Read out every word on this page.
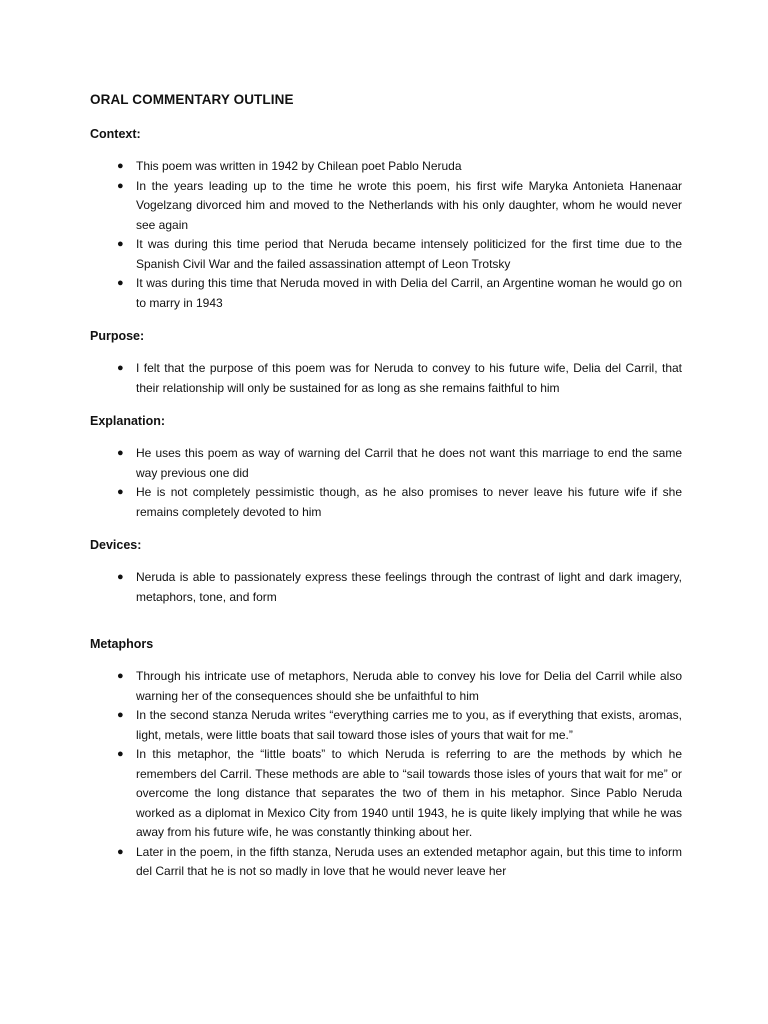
ORAL COMMENTARY OUTLINE
Context:
● This poem was written in 1942 by Chilean poet Pablo Neruda
● In the years leading up to the time he wrote this poem, his first wife Maryka Antonieta Hanenaar Vogelzang divorced him and moved to the Netherlands with his only daughter, whom he would never see again
● It was during this time period that Neruda became intensely politicized for the first time due to the Spanish Civil War and the failed assassination attempt of Leon Trotsky
● It was during this time that Neruda moved in with Delia del Carril, an Argentine woman he would go on to marry in 1943
Purpose:
● I felt that the purpose of this poem was for Neruda to convey to his future wife, Delia del Carril, that their relationship will only be sustained for as long as she remains faithful to him
Explanation:
● He uses this poem as way of warning del Carril that he does not want this marriage to end the same way previous one did
● He is not completely pessimistic though, as he also promises to never leave his future wife if she remains completely devoted to him
Devices:
● Neruda is able to passionately express these feelings through the contrast of light and dark imagery, metaphors, tone, and form
Metaphors
● Through his intricate use of metaphors, Neruda able to convey his love for Delia del Carril while also warning her of the consequences should she be unfaithful to him
● In the second stanza Neruda writes “everything carries me to you, as if everything that exists, aromas, light, metals, were little boats that sail toward those isles of yours that wait for me.”
● In this metaphor, the “little boats” to which Neruda is referring to are the methods by which he remembers del Carril. These methods are able to “sail towards those isles of yours that wait for me” or overcome the long distance that separates the two of them in his metaphor. Since Pablo Neruda worked as a diplomat in Mexico City from 1940 until 1943, he is quite likely implying that while he was away from his future wife, he was constantly thinking about her.
● Later in the poem, in the fifth stanza, Neruda uses an extended metaphor again, but this time to inform del Carril that he is not so madly in love that he would never leave her
